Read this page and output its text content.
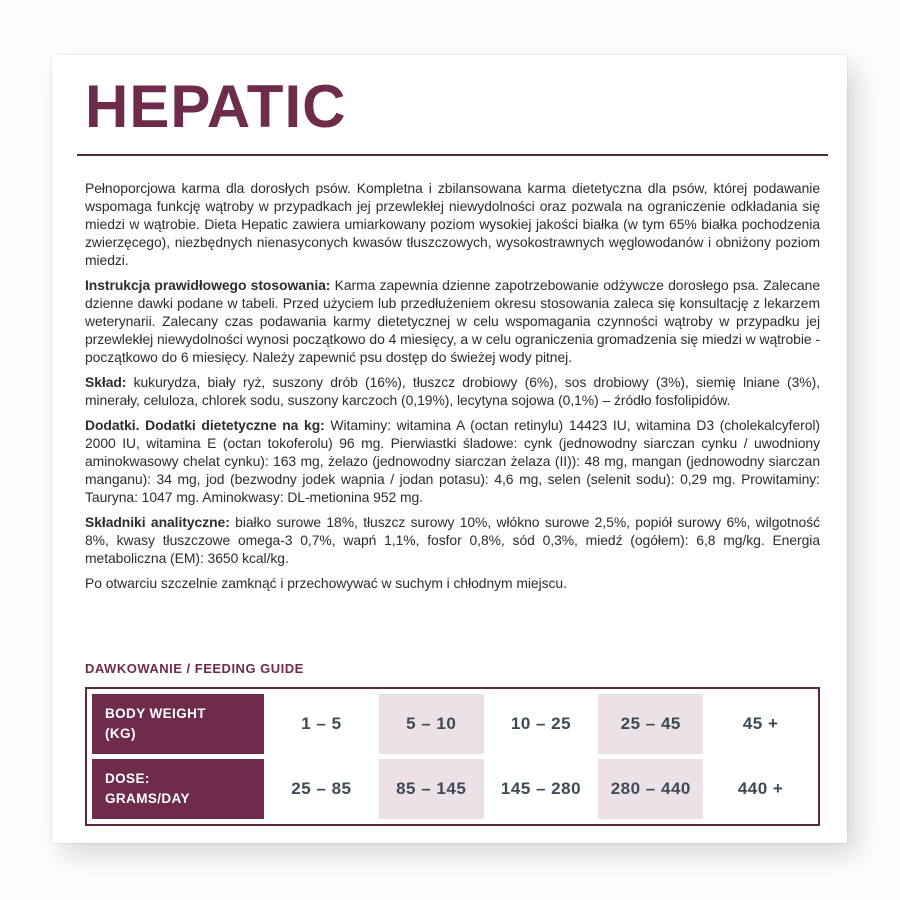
HEPATIC

Pełnoporcjowa karma dla dorosłych psów. Kompletna i zbilansowana karma dietetyczna dla psów, której podawanie wspomaga funkcję wątroby w przypadkach jej przewlekłej niewydolności oraz pozwala na ograniczenie odkładania się miedzi w wątrobie. Dieta Hepatic zawiera umiarkowany poziom wysokiej jakości białka (w tym 65% białka pochodzenia zwierzęcego), niezbędnych nienasyconych kwasów tłuszczowych, wysokostrawnych węglowodanów i obniżony poziom miedzi.

Instrukcja prawidłowego stosowania: Karma zapewnia dzienne zapotrzebowanie odżywcze dorosłego psa. Zalecane dzienne dawki podane w tabeli. Przed użyciem lub przedłużeniem okresu stosowania zaleca się konsultację z lekarzem weterynarii. Zalecany czas podawania karmy dietetycznej w celu wspomagania czynności wątroby w przypadku jej przewlekłej niewydolności wynosi początkowo do 4 miesięcy, a w celu ograniczenia gromadzenia się miedzi w wątrobie - początkowo do 6 miesięcy. Należy zapewnić psu dostęp do świeżej wody pitnej.

Skład: kukurydza, biały ryż, suszony drób (16%), tłuszcz drobiowy (6%), sos drobiowy (3%), siemię lniane (3%), minerały, celuloza, chlorek sodu, suszony karczoch (0,19%), lecytyna sojowa (0,1%) – źródło fosfolipidów.

Dodatki. Dodatki dietetyczne na kg: Witaminy: witamina A (octan retinylu) 14423 IU, witamina D3 (cholekalcyferol) 2000 IU, witamina E (octan tokoferolu) 96 mg. Pierwiastki śladowe: cynk (jednowodny siarczan cynku / uwodniony aminokwasowy chelat cynku): 163 mg, żelazo (jednowodny siarczan żelaza (II)): 48 mg, mangan (jednowodny siarczan manganu): 34 mg, jod (bezwodny jodek wapnia / jodan potasu): 4,6 mg, selen (selenit sodu): 0,29 mg. Prowitaminy: Tauryna: 1047 mg. Aminokwasy: DL-metionina 952 mg.

Składniki analityczne: białko surowe 18%, tłuszcz surowy 10%, włókno surowe 2,5%, popiół surowy 6%, wilgotność 8%, kwasy tłuszczowe omega-3 0,7%, wapń 1,1%, fosfor 0,8%, sód 0,3%, miedź (ogółem): 6,8 mg/kg. Energia metaboliczna (EM): 3650 kcal/kg.

Po otwarciu szczelnie zamknąć i przechowywać w suchym i chłodnym miejscu.

DAWKOWANIE / FEEDING GUIDE
BODY WEIGHT
(KG)
1 – 5	5 – 10	10 – 25	25 – 45	45 +
DOSE:
GRAMS/DAY
25 – 85	85 – 145	145 – 280	280 – 440	440 +
